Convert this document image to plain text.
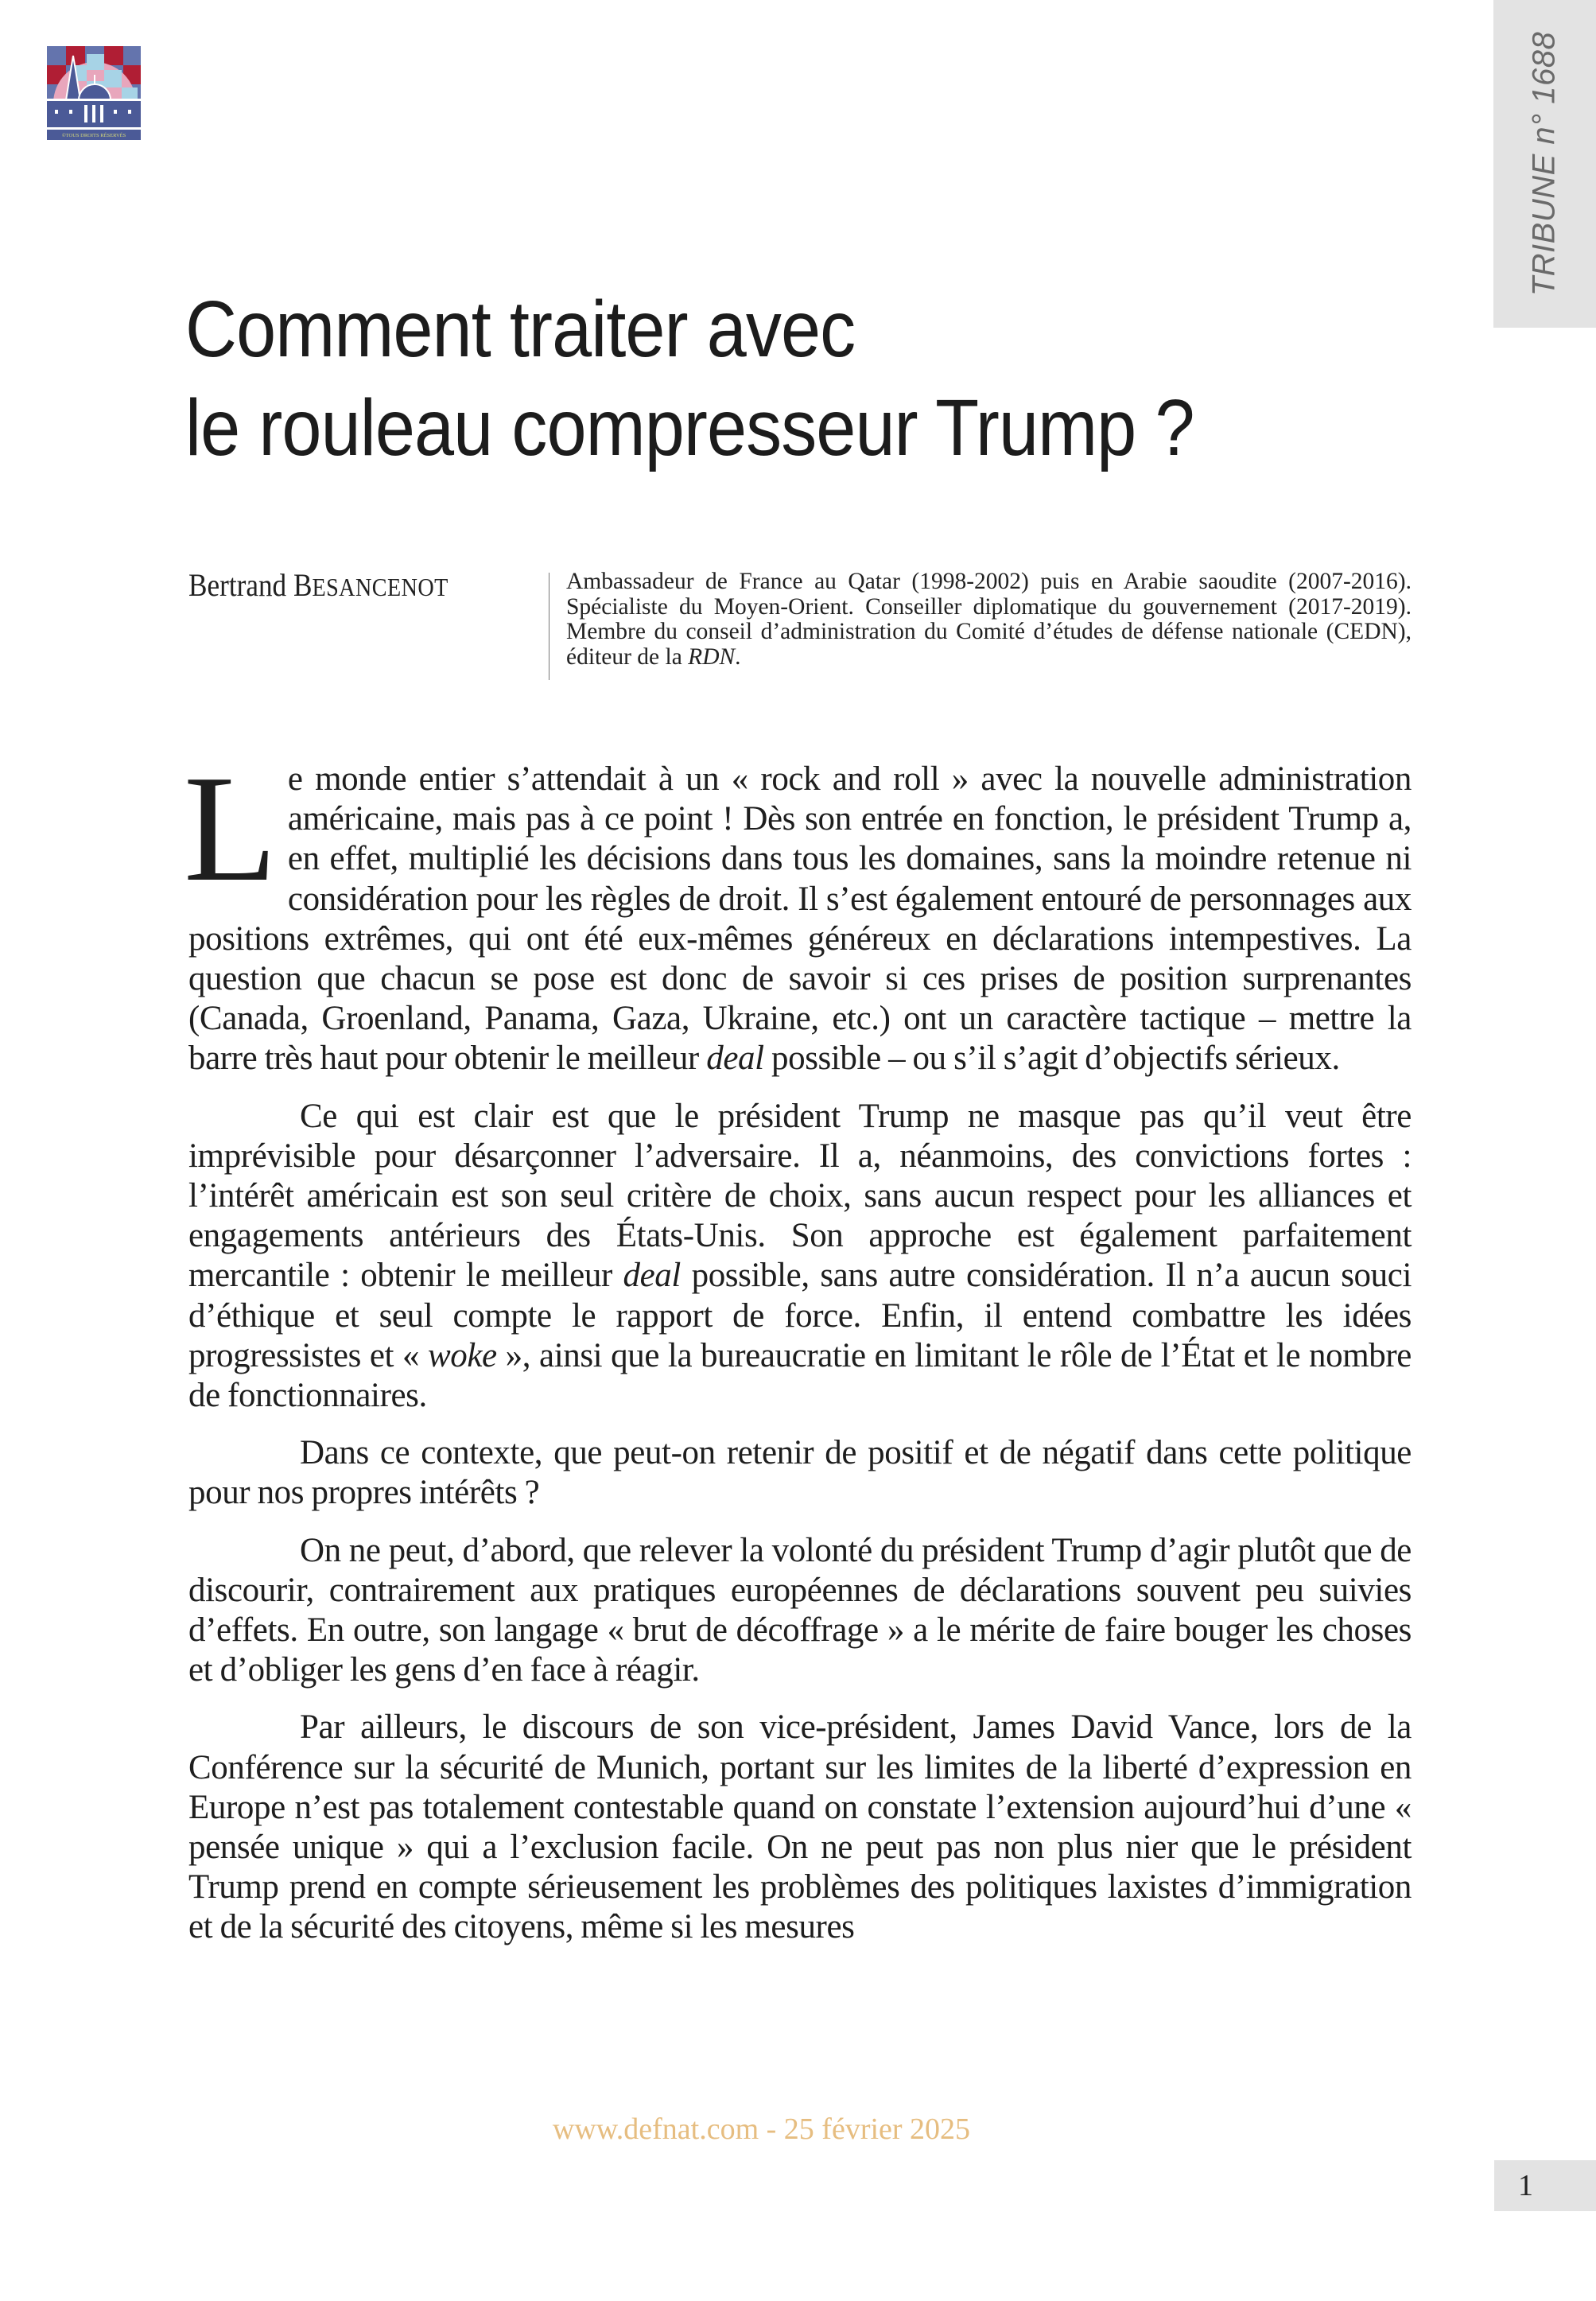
©TOUS DROITS RÉSERVÉS	TRIBUNE n° 1688
Comment traiter avec
le rouleau compresseur Trump ?
Bertrand BESANCENOT	Ambassadeur de France au Qatar (1998-2002) puis en Arabie saoudite (2007-2016). Spécialiste du Moyen-Orient. Conseiller diplomatique du gouvernement (2017-2019). Membre du conseil d’administration du Comité d’études de défense nationale (CEDN), éditeur de la RDN.

Le monde entier s’attendait à un « rock and roll » avec la nouvelle administration américaine, mais pas à ce point ! Dès son entrée en fonction, le président Trump a, en effet, multiplié les décisions dans tous les domaines, sans la moindre retenue ni considération pour les règles de droit. Il s’est également entouré de personnages aux positions extrêmes, qui ont été eux-mêmes généreux en déclarations intempestives. La question que chacun se pose est donc de savoir si ces prises de position surprenantes (Canada, Groenland, Panama, Gaza, Ukraine, etc.) ont un caractère tactique – mettre la barre très haut pour obtenir le meilleur deal possible – ou s’il s’agit d’objectifs sérieux.

Ce qui est clair est que le président Trump ne masque pas qu’il veut être imprévisible pour désarçonner l’adversaire. Il a, néanmoins, des convictions fortes : l’intérêt américain est son seul critère de choix, sans aucun respect pour les alliances et engagements antérieurs des États-Unis. Son approche est également parfaitement mercantile : obtenir le meilleur deal possible, sans autre considération. Il n’a aucun souci d’éthique et seul compte le rapport de force. Enfin, il entend combattre les idées progressistes et « woke », ainsi que la bureaucratie en limitant le rôle de l’État et le nombre de fonctionnaires.

Dans ce contexte, que peut-on retenir de positif et de négatif dans cette politique pour nos propres intérêts ?

On ne peut, d’abord, que relever la volonté du président Trump d’agir plutôt que de discourir, contrairement aux pratiques européennes de déclarations souvent peu suivies d’effets. En outre, son langage « brut de décoffrage » a le mérite de faire bouger les choses et d’obliger les gens d’en face à réagir.

Par ailleurs, le discours de son vice-président, James David Vance, lors de la Conférence sur la sécurité de Munich, portant sur les limites de la liberté d’expression en Europe n’est pas totalement contestable quand on constate l’extension aujourd’hui d’une « pensée unique » qui a l’exclusion facile. On ne peut pas non plus nier que le président Trump prend en compte sérieusement les problèmes des politiques laxistes d’immigration et de la sécurité des citoyens, même si les mesures

www.defnat.com - 25 février 2025
1
